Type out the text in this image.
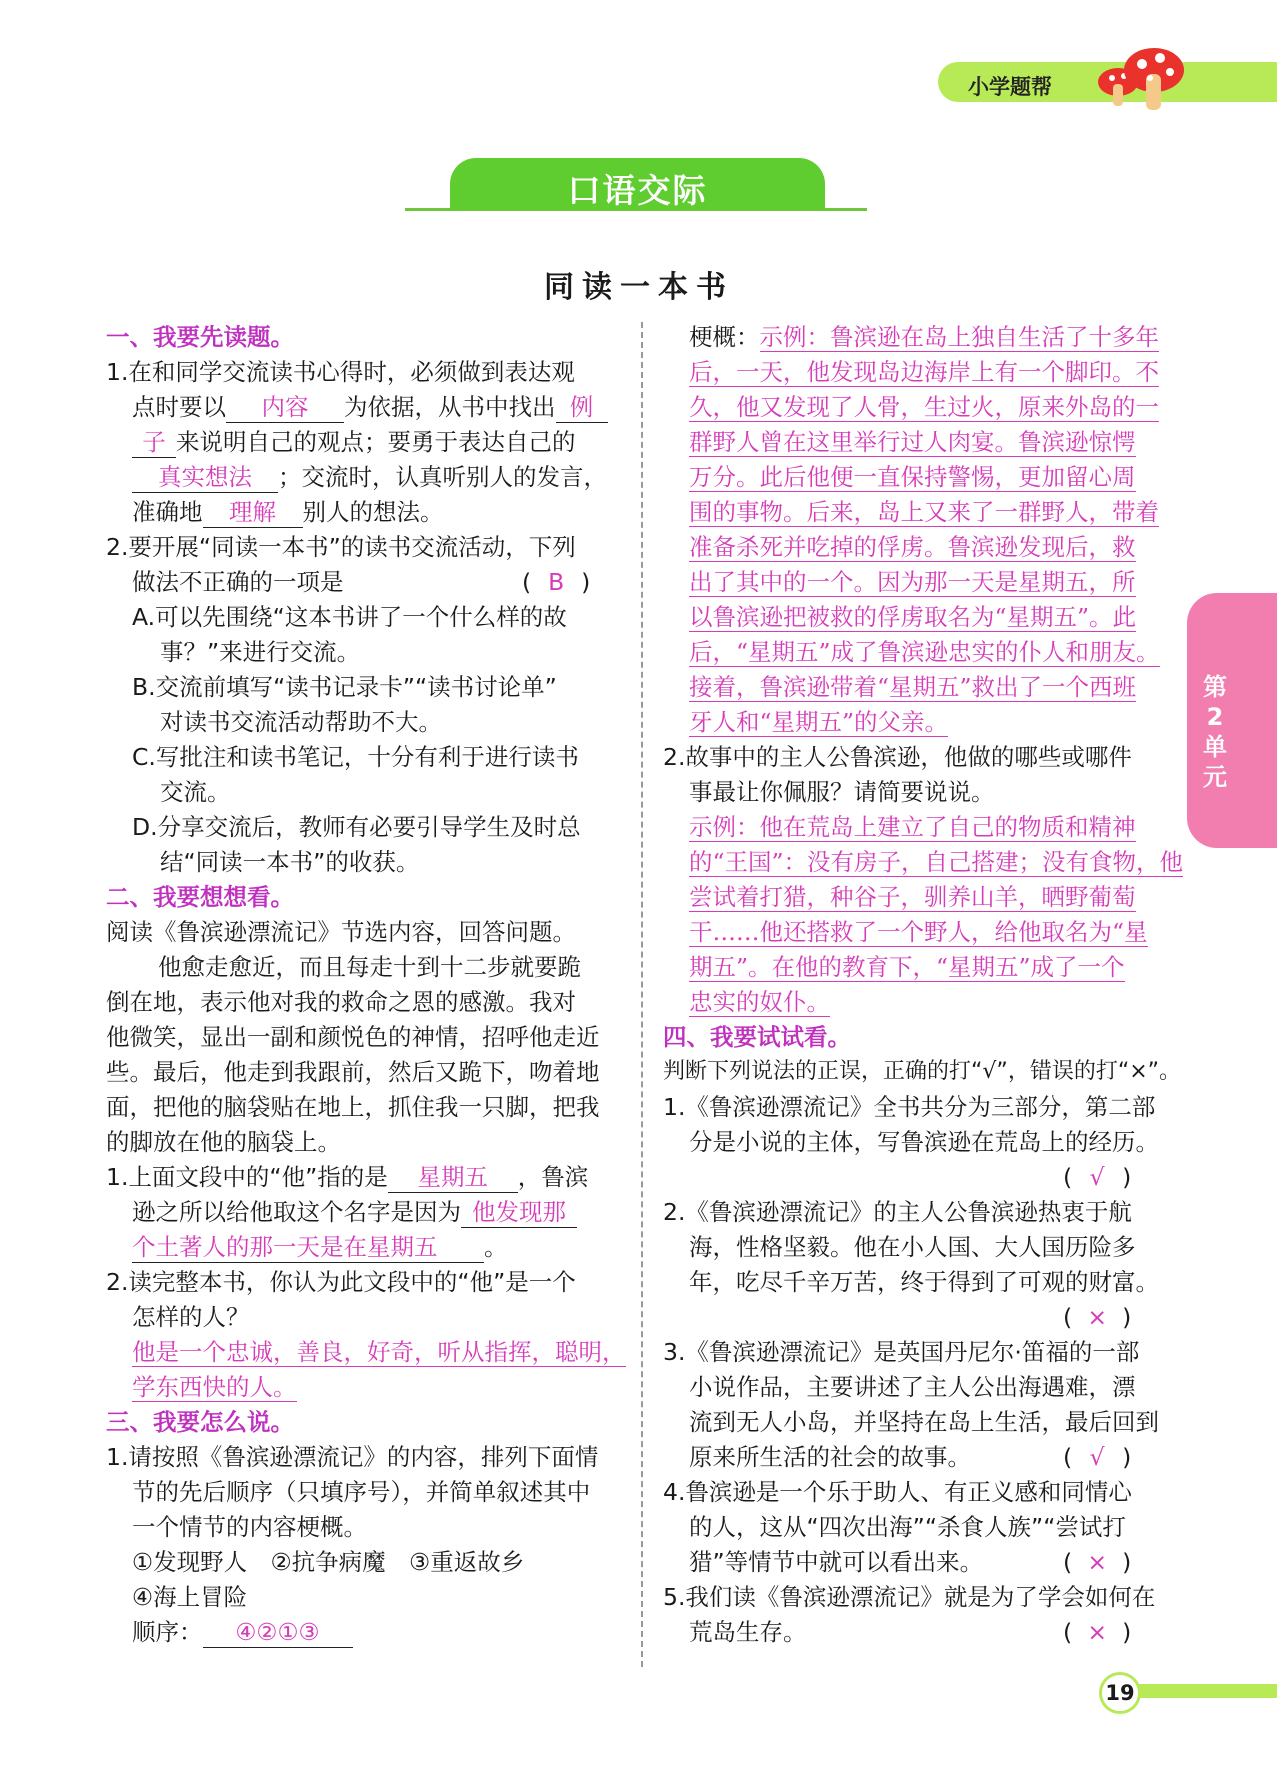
小学题帮
口语交际
同读一本书
一、我要先读题。
1.在和同学交流读书心得时，必须做到表达观
点时要以 内容 为依据，从书中找出 例
子 来说明自己的观点；要勇于表达自己的
真实想法 ；交流时，认真听别人的发言，
准确地 理解 别人的想法。
2.要开展“同读一本书”的读书交流活动，下列
做法不正确的一项是	( B )
A.可以先围绕“这本书讲了一个什么样的故
事？”来进行交流。
B.交流前填写“读书记录卡”“读书讨论单”
对读书交流活动帮助不大。
C.写批注和读书笔记，十分有利于进行读书
交流。
D.分享交流后，教师有必要引导学生及时总
结“同读一本书”的收获。
二、我要想想看。
阅读《鲁滨逊漂流记》节选内容，回答问题。
他愈走愈近，而且每走十到十二步就要跪
倒在地，表示他对我的救命之恩的感激。我对
他微笑，显出一副和颜悦色的神情，招呼他走近
些。最后，他走到我跟前，然后又跪下，吻着地
面，把他的脑袋贴在地上，抓住我一只脚，把我
的脚放在他的脑袋上。
1.上面文段中的“他”指的是 星期五 ，鲁滨
逊之所以给他取这个名字是因为 他发现那
个土著人的那一天是在星期五 。
2.读完整本书，你认为此文段中的“他”是一个
怎样的人？
他是一个忠诚，善良，好奇，听从指挥，聪明，
学东西快的人。
三、我要怎么说。
1.请按照《鲁滨逊漂流记》的内容，排列下面情
节的先后顺序（只填序号），并简单叙述其中
一个情节的内容梗概。
①发现野人　②抗争病魔　③重返故乡
④海上冒险
顺序： ④②①③
梗概：示例：鲁滨逊在岛上独自生活了十多年
后，一天，他发现岛边海岸上有一个脚印。不
久，他又发现了人骨，生过火，原来外岛的一
群野人曾在这里举行过人肉宴。鲁滨逊惊愕
万分。此后他便一直保持警惕，更加留心周
围的事物。后来，岛上又来了一群野人，带着
准备杀死并吃掉的俘虏。鲁滨逊发现后，救
出了其中的一个。因为那一天是星期五，所
以鲁滨逊把被救的俘虏取名为“星期五”。此
后，“星期五”成了鲁滨逊忠实的仆人和朋友。
接着，鲁滨逊带着“星期五”救出了一个西班
牙人和“星期五”的父亲。
2.故事中的主人公鲁滨逊，他做的哪些或哪件
事最让你佩服？请简要说说。
示例：他在荒岛上建立了自己的物质和精神
的“王国”：没有房子，自己搭建；没有食物，他
尝试着打猎，种谷子，驯养山羊，晒野葡萄
干……他还搭救了一个野人，给他取名为“星
期五”。在他的教育下，“星期五”成了一个
忠实的奴仆。
四、我要试试看。
判断下列说法的正误，正确的打“√”，错误的打“×”。
1.《鲁滨逊漂流记》全书共分为三部分，第二部
分是小说的主体，写鲁滨逊在荒岛上的经历。
( √ )
2.《鲁滨逊漂流记》的主人公鲁滨逊热衷于航
海，性格坚毅。他在小人国、大人国历险多
年，吃尽千辛万苦，终于得到了可观的财富。
( × )
3.《鲁滨逊漂流记》是英国丹尼尔·笛福的一部
小说作品，主要讲述了主人公出海遇难，漂
流到无人小岛，并坚持在岛上生活，最后回到
原来所生活的社会的故事。	( √ )
4.鲁滨逊是一个乐于助人、有正义感和同情心
的人，这从“四次出海”“杀食人族”“尝试打
猎”等情节中就可以看出来。	( × )
5.我们读《鲁滨逊漂流记》就是为了学会如何在
荒岛生存。	( × )
第2单元
19
